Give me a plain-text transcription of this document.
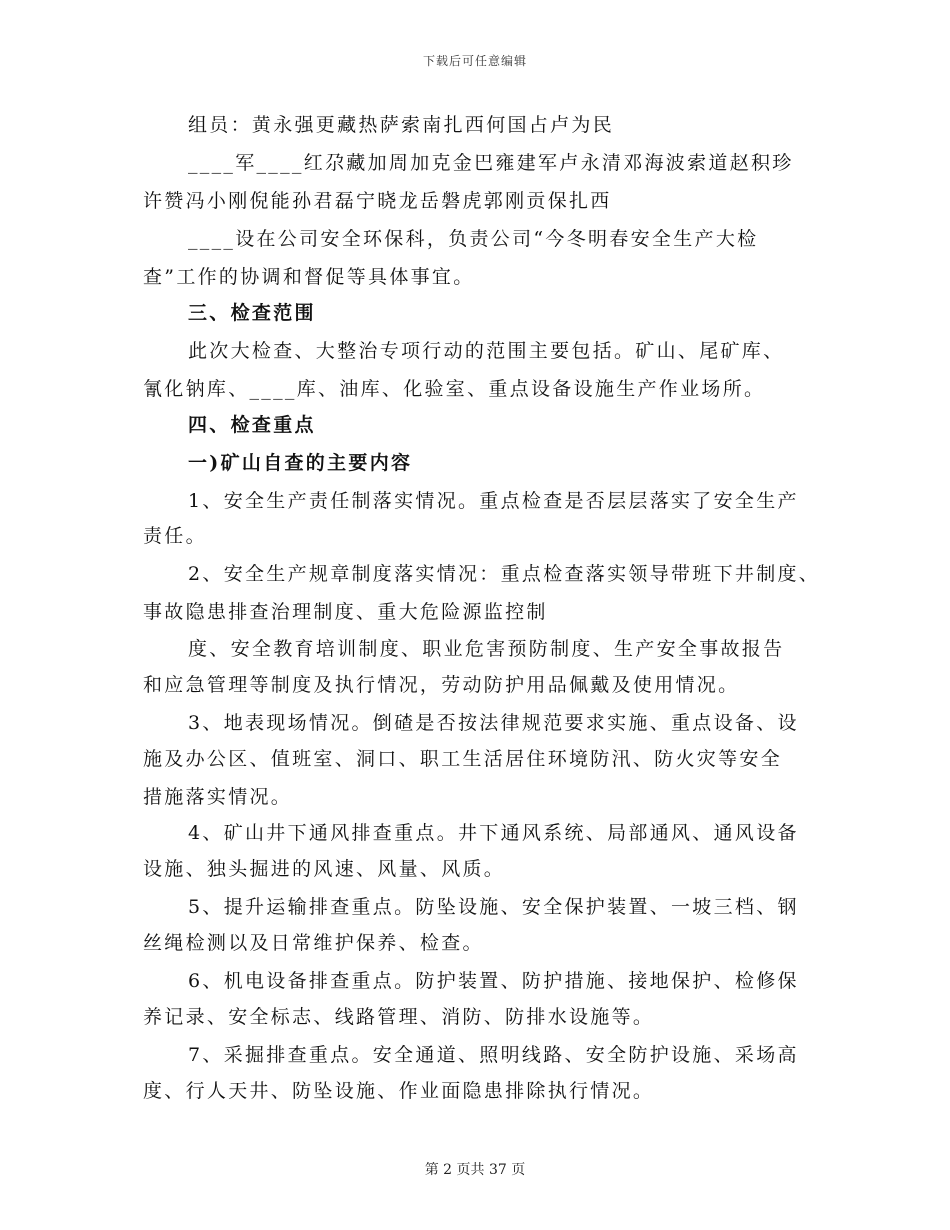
下载后可任意编辑
组员：黄永强更藏热萨索南扎西何国占卢为民
____军____红尕藏加周加克金巴雍建军卢永清邓海波索道赵积珍
许赞冯小刚倪能孙君磊宁晓龙岳磐虎郭刚贡保扎西
____设在公司安全环保科，负责公司“今冬明春安全生产大检
查”工作的协调和督促等具体事宜。
三、检查范围
此次大检查、大整治专项行动的范围主要包括。矿山、尾矿库、
氰化钠库、____库、油库、化验室、重点设备设施生产作业场所。
四、检查重点
一)矿山自查的主要内容
1、安全生产责任制落实情况。重点检查是否层层落实了安全生产
责任。
2、安全生产规章制度落实情况：重点检查落实领导带班下井制度、
事故隐患排查治理制度、重大危险源监控制
度、安全教育培训制度、职业危害预防制度、生产安全事故报告
和应急管理等制度及执行情况，劳动防护用品佩戴及使用情况。
3、地表现场情况。倒碴是否按法律规范要求实施、重点设备、设
施及办公区、值班室、洞口、职工生活居住环境防汛、防火灾等安全
措施落实情况。
4、矿山井下通风排查重点。井下通风系统、局部通风、通风设备
设施、独头掘进的风速、风量、风质。
5、提升运输排查重点。防坠设施、安全保护装置、一坡三档、钢
丝绳检测以及日常维护保养、检查。
6、机电设备排查重点。防护装置、防护措施、接地保护、检修保
养记录、安全标志、线路管理、消防、防排水设施等。
7、采掘排查重点。安全通道、照明线路、安全防护设施、采场高
度、行人天井、防坠设施、作业面隐患排除执行情况。
第 2 页共 37 页
